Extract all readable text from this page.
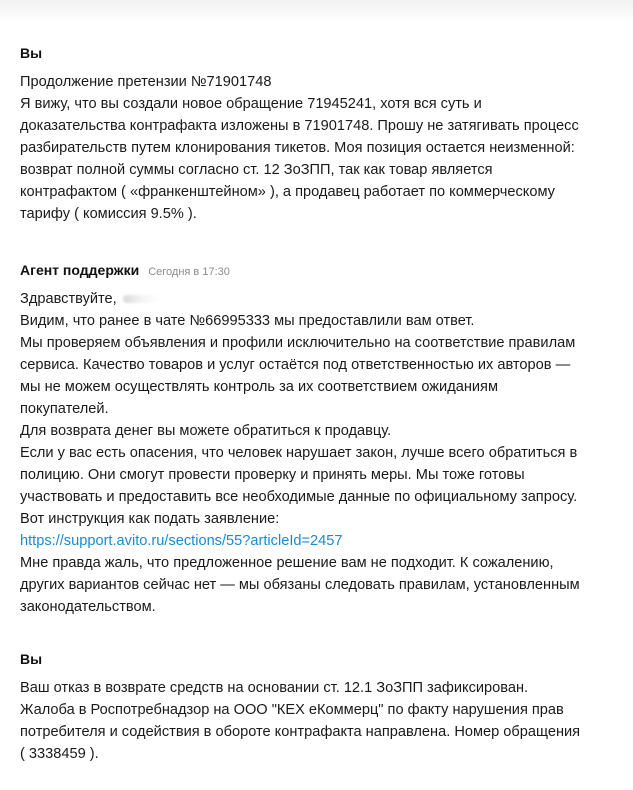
Вы
Продолжение претензии №71901748
Я вижу, что вы создали новое обращение 71945241, хотя вся суть и
доказательства контрафакта изложены в 71901748. Прошу не затягивать процесс
разбирательств путем клонирования тикетов. Моя позиция остается неизменной:
возврат полной суммы согласно ст. 12 ЗоЗПП, так как товар является
контрафактом ( «франкенштейном» ), а продавец работает по коммерческому
тарифу ( комиссия 9.5% ).
Агент поддержки Сегодня в 17:30
Здравствуйте,
Видим, что ранее в чате №66995333 мы предоставлили вам ответ.
Мы проверяем объявления и профили исключительно на соответствие правилам
сервиса. Качество товаров и услуг остаётся под ответственностью их авторов —
мы не можем осуществлять контроль за их соответствием ожиданиям
покупателей.
Для возврата денег вы можете обратиться к продавцу.
Если у вас есть опасения, что человек нарушает закон, лучше всего обратиться в
полицию. Они смогут провести проверку и принять меры. Мы тоже готовы
участвовать и предоставить все необходимые данные по официальному запросу.
Вот инструкция как подать заявление:
https://support.avito.ru/sections/55?articleId=2457
Мне правда жаль, что предложенное решение вам не подходит. К сожалению,
других вариантов сейчас нет — мы обязаны следовать правилам, установленным
законодательством.
Вы
Ваш отказ в возврате средств на основании ст. 12.1 ЗоЗПП зафиксирован.
Жалоба в Роспотребнадзор на ООО "КЕХ еКоммерц" по факту нарушения прав
потребителя и содействия в обороте контрафакта направлена. Номер обращения
( 3338459 ).
